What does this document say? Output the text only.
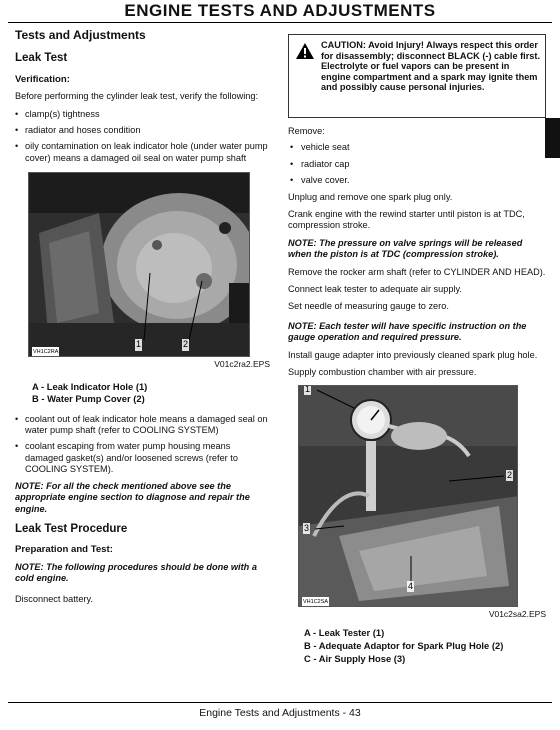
ENGINE TESTS AND ADJUSTMENTS
Tests and Adjustments
Leak Test
Verification:
Before performing the cylinder leak test, verify the following:
• clamp(s) tightness
• radiator and hoses condition
• oily contamination on leak indicator hole (under water pump cover) means a damaged oil seal on water pump shaft
1	2
VH1C2RA
V01c2ra2.EPS
A - Leak Indicator Hole (1)
B - Water Pump Cover (2)
• coolant out of leak indicator hole means a damaged seal on water pump shaft (refer to COOLING SYSTEM)
• coolant escaping from water pump housing means damaged gasket(s) and/or loosened screws (refer to COOLING SYSTEM).
NOTE: For all the check mentioned above see the appropriate engine section to diagnose and repair the engine.
Leak Test Procedure
Preparation and Test:
NOTE: The following procedures should be done with a cold engine.
Disconnect battery.
CAUTION: Avoid Injury! Always respect this order for disassembly; disconnect BLACK (-) cable first. Electrolyte or fuel vapors can be present in engine compartment and a spark may ignite them and possibly cause personal injuries.
Remove:
• vehicle seat
• radiator cap
• valve cover.
Unplug and remove one spark plug only.
Crank engine with the rewind starter until piston is at TDC, compression stroke.
NOTE: The pressure on valve springs will be released when the piston is at TDC (compression stroke).
Remove the rocker arm shaft (refer to CYLINDER AND HEAD).
Connect leak tester to adequate air supply.
Set needle of measuring gauge to zero.
NOTE: Each tester will have specific instruction on the gauge operation and required pressure.
Install gauge adapter into previously cleaned spark plug hole.
Supply combustion chamber with air pressure.
1
2
3
4
VH1C2SA
V01c2sa2.EPS
A - Leak Tester (1)
B - Adequate Adaptor for Spark Plug Hole (2)
C - Air Supply Hose (3)
Engine Tests and Adjustments - 43
